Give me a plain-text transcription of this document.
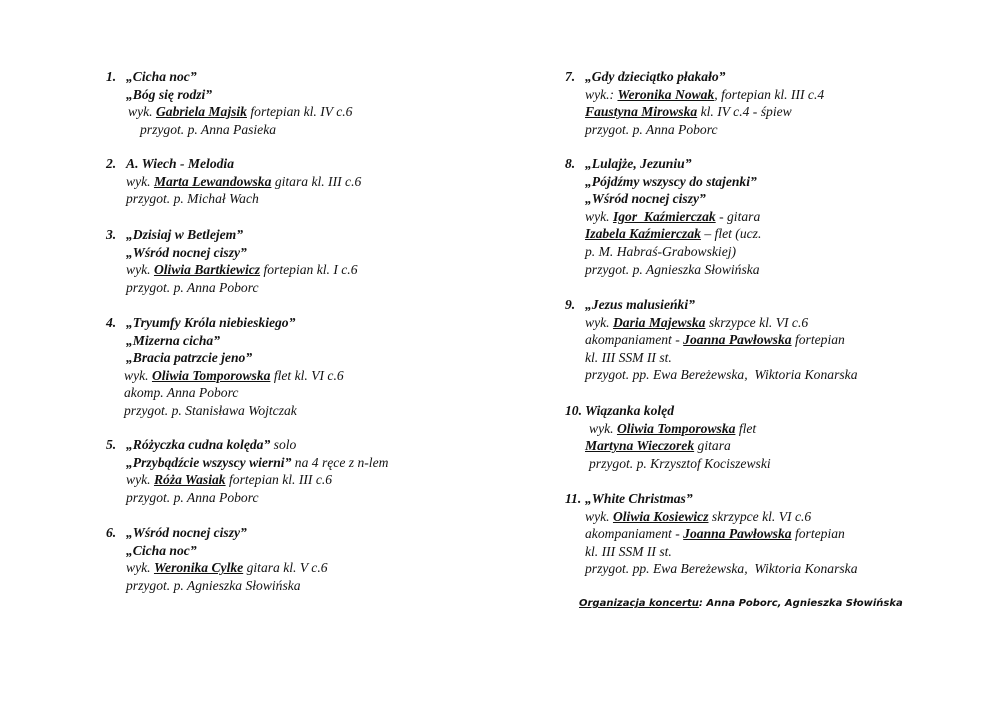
1. „Cicha noc”
„Bóg się rodzi”
wyk. Gabriela Majsik fortepian kl. IV c.6
przygot. p. Anna Pasieka
2. A. Wiech - Melodia
wyk. Marta Lewandowska gitara kl. III c.6
przygot. p. Michał Wach
3. „Dzisiaj w Betlejem”
„Wśród nocnej ciszy”
wyk. Oliwia Bartkiewicz fortepian kl. I c.6
przygot. p. Anna Poborc
4. „Tryumfy Króla niebieskiego”
„Mizerna cicha”
„Bracia patrzcie jeno”
wyk. Oliwia Tomporowska flet kl. VI c.6
akomp. Anna Poborc
przygot. p. Stanisława Wojtczak
5. „Różyczka cudna kolęda” solo
„Przybądźcie wszyscy wierni” na 4 ręce z n-lem
wyk. Róża Wasiak fortepian kl. III c.6
przygot. p. Anna Poborc
6. „Wśród nocnej ciszy”
„Cicha noc”
wyk. Weronika Cylke gitara kl. V c.6
przygot. p. Agnieszka Słowińska
7. „Gdy dzieciątko płakało”
wyk.: Weronika Nowak, fortepian kl. III c.4
Faustyna Mirowska kl. IV c.4 - śpiew
przygot. p. Anna Poborc
8. „Lulajże, Jezuniu”
„Pójdźmy wszyscy do stajenki”
„Wśród nocnej ciszy”
wyk. Igor  Kaźmierczak - gitara
Izabela Kaźmierczak – flet (ucz.
p. M. Habraś-Grabowskiej)
przygot. p. Agnieszka Słowińska
9. „Jezus malusieńki”
wyk. Daria Majewska skrzypce kl. VI c.6
akompaniament - Joanna Pawłowska fortepian
kl. III SSM II st.
przygot. pp. Ewa Bereżewska,  Wiktoria Konarska
10. Wiązanka kolęd
wyk. Oliwia Tomporowska flet
Martyna Wieczorek gitara
przygot. p. Krzysztof Kociszewski
11. „White Christmas”
wyk. Oliwia Kosiewicz skrzypce kl. VI c.6
akompaniament - Joanna Pawłowska fortepian
kl. III SSM II st.
przygot. pp. Ewa Bereżewska,  Wiktoria Konarska
Organizacja koncertu: Anna Poborc, Agnieszka Słowińska
